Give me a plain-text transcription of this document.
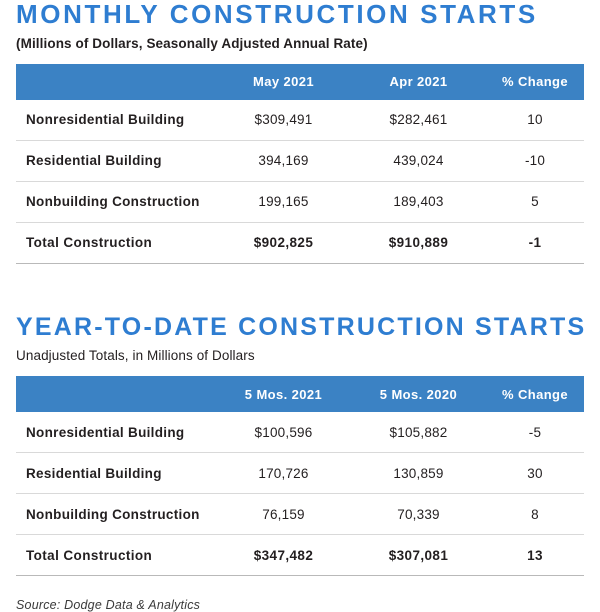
MONTHLY CONSTRUCTION STARTS
(Millions of Dollars, Seasonally Adjusted Annual Rate)
	May 2021	Apr 2021	% Change
Nonresidential Building	$309,491	$282,461	10
Residential Building	394,169	439,024	-10
Nonbuilding Construction	199,165	189,403	5
Total Construction	$902,825	$910,889	-1
YEAR-TO-DATE CONSTRUCTION STARTS
Unadjusted Totals, in Millions of Dollars
	5 Mos. 2021	5 Mos. 2020	% Change
Nonresidential Building	$100,596	$105,882	-5
Residential Building	170,726	130,859	30
Nonbuilding Construction	76,159	70,339	8
Total Construction	$347,482	$307,081	13
Source: Dodge Data & Analytics
